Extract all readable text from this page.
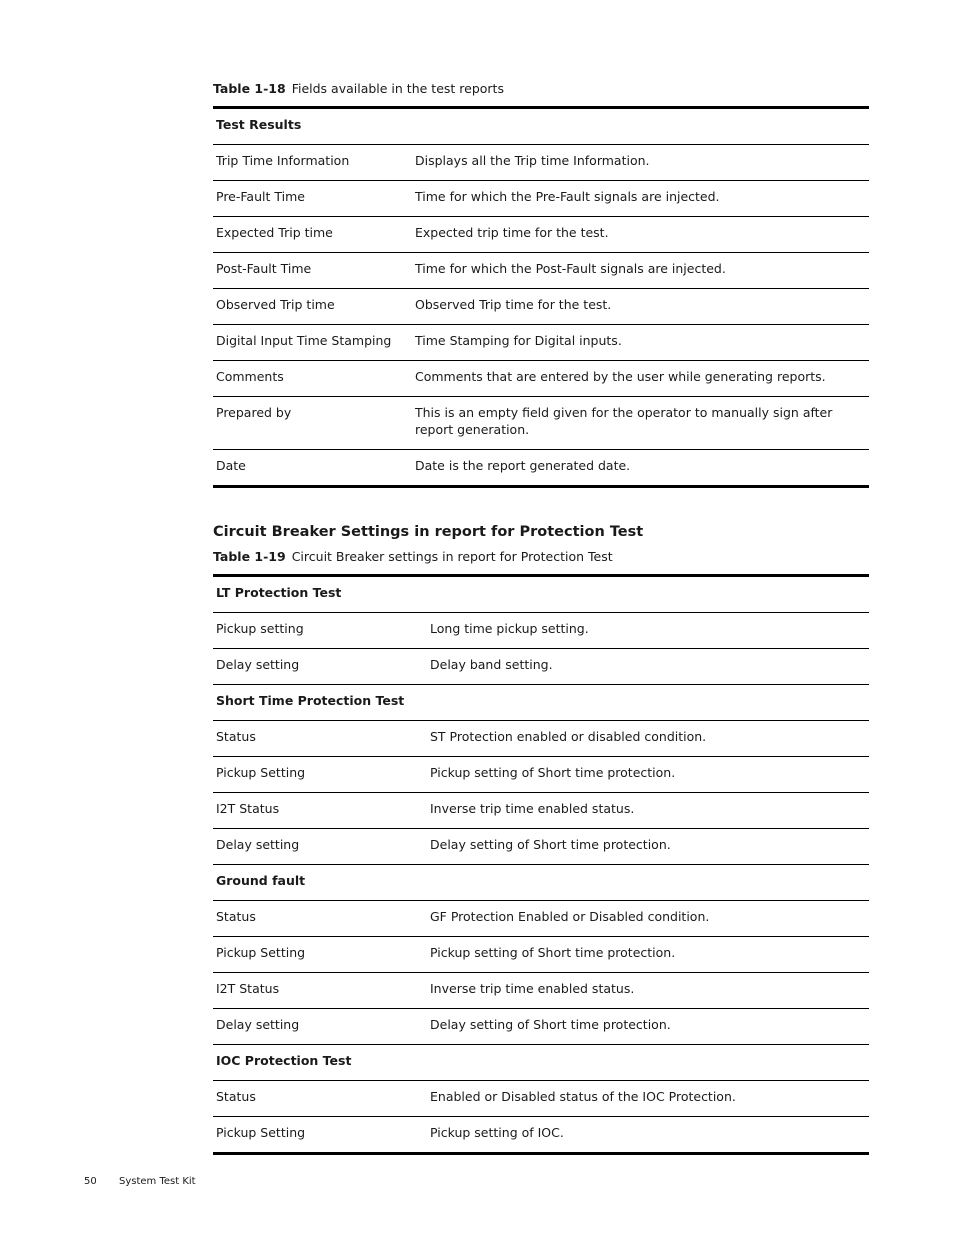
Table 1-18 Fields available in the test reports
Test Results	
Trip Time Information	Displays all the Trip time Information.
Pre-Fault Time	Time for which the Pre-Fault signals are injected.
Expected Trip time	Expected trip time for the test.
Post-Fault Time	Time for which the Post-Fault signals are injected.
Observed Trip time	Observed Trip time for the test.
Digital Input Time Stamping	Time Stamping for Digital inputs.
Comments	Comments that are entered by the user while generating reports.
Prepared by	This is an empty field given for the operator to manually sign after report generation.
Date	Date is the report generated date.
Circuit Breaker Settings in report for Protection Test
Table 1-19 Circuit Breaker settings in report for Protection Test
LT Protection Test	
Pickup setting	Long time pickup setting.
Delay setting	Delay band setting.
Short Time Protection Test	
Status	ST Protection enabled or disabled condition.
Pickup Setting	Pickup setting of Short time protection.
I2T Status	Inverse trip time enabled status.
Delay setting	Delay setting of Short time protection.
Ground fault	
Status	GF Protection Enabled or Disabled condition.
Pickup Setting	Pickup setting of Short time protection.
I2T Status	Inverse trip time enabled status.
Delay setting	Delay setting of Short time protection.
IOC Protection Test	
Status	Enabled or Disabled status of the IOC Protection.
Pickup Setting	Pickup setting of IOC.
50 System Test Kit
